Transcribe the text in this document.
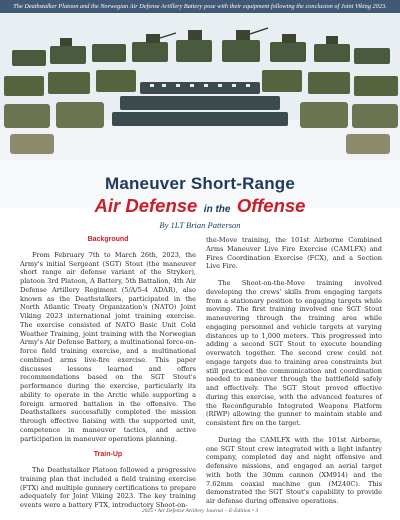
The Deathstalker Platoon and the Norwegian Air Defense Artillery Battery pose with their equipment following the conclusion of Joint Viking 2023.
Maneuver Short-Range
Air Defense in the Offense
By 1LT Brian Patterson
Background
From February 7th to March 26th, 2023, the Army's initial Sergeant (SGT) Stout (the maneuver short range air defense variant of the Stryker), platoon 3rd Platoon, A Battery, 5th Battalion, 4th Air Defense Artillery Regiment (5/A/5-4 ADAR), also known as the Deathstalkers, participated in the North Atlantic Treaty Organization's (NATO) Joint Viking 2023 international joint training exercise. The exercise consisted of NATO Basic Unit Cold Weather Training, joint training with the Norwegian Army's Air Defense Battery, a multinational force-on-force field training exercise, and a multinational combined arms live-fire exercise. This paper discusses lessons learned and offers recommendations based on the SGT Stout's performance during the exercise, particularly its ability to operate in the Arctic while supporting a foreign armored battalion in the offensive. The Deathstalkers successfully completed the mission through effective liaising with the supported unit, competence in maneuver tactics, and active participation in maneuver operations planning.
Train-Up
The Deathstalker Platoon followed a progressive training plan that included a field training exercise (FTX) and multiple gunnery certifications to prepare adequately for Joint Viking 2023. The key training events were a battery FTX, introductory Shoot-on-
the-Move training, the 101st Airborne Combined Arms Maneuver Live Fire Exercise (CAMLFX) and Fires Coordination Exercise (FCX), and a Section Live Fire.
The Shoot-on-the-Move training involved developing the crews' skills from engaging targets from a stationary position to engaging targets while moving. The first training involved one SGT Stout maneuvering through the training area while engaging personnel and vehicle targets at varying distances up to 1,000 meters. This progressed into adding a second SGT Stout to execute bounding overwatch together. The second crew could not engage targets due to training area constraints but still practiced the communication and coordination needed to maneuver through the battlefield safely and effectively. The SGT Stout proved effective during this exercise, with the advanced features of the Reconfigurable Integrated Weapons Platform (RIWP) allowing the gunner to maintain stable and consistent fire on the target.
During the CAMLFX with the 101st Airborne, one SGT Stout crew integrated with a light infantry company, completed day and night offensive and defensive missions, and engaged an aerial target with both the 30mm cannon (XM914) and the 7.62mm coaxial machine gun (M240C). This demonstrated the SGT Stout's capability to provide air defense during offensive operations.
2025 • Air Defense Artillery Journal – E-Edition • 3
